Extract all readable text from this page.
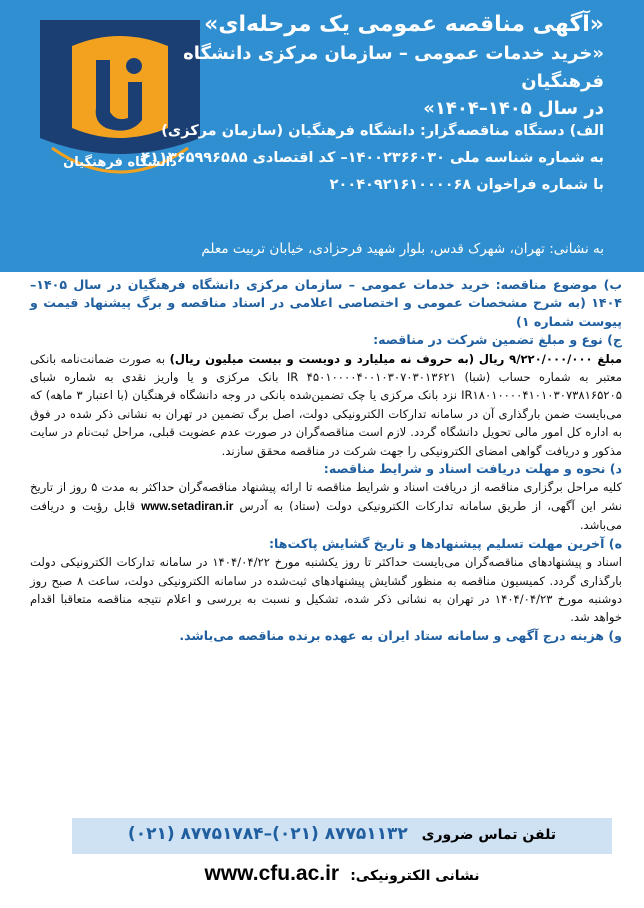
دانشگاه فرهنگیان
«آگهی مناقصه عمومی یک مرحله‌ای»
«خرید خدمات عمومی – سازمان مرکزی دانشگاه فرهنگیان
در سال ۱۴۰۵–۱۴۰۴»
الف) دستگاه مناقصه‌گزار: دانشگاه فرهنگیان (سازمان مرکزی)
به شماره شناسه ملی ۱۴۰۰۲۳۶۶۰۳۰– کد اقتصادی ۴۱۱۳۶۵۹۹۶۵۸۵
با شماره فراخوان ۲۰۰۴۰۹۲۱۶۱۰۰۰۰۶۸
به نشانی: تهران، شهرک قدس، بلوار شهید فرحزادی، خیابان تربیت معلم
ب) موضوع مناقصه: خرید خدمات عمومی – سازمان مرکزی دانشگاه فرهنگیان در سال ۱۴۰۵–۱۴۰۴ (به شرح مشخصات عمومی و اختصاصی اعلامی در اسناد مناقصه و برگ پیشنهاد قیمت و پیوست شماره ۱)
ج) نوع و مبلغ تضمین شرکت در مناقصه:
مبلغ ۹/۲۲۰/۰۰۰/۰۰۰ ریال (به حروف نه میلیارد و دویست و بیست میلیون ریال) به صورت ضمانت‌نامه بانکی معتبر به شماره حساب (شبا) IR ۴۵۰۱۰۰۰۰۴۰۰۱۰۳۰۷۰۳۰۱۳۶۲۱ بانک مرکزی و یا واریز نقدی به شماره شبای IR۱۸۰۱۰۰۰۰۴۱۰۱۰۳۰۷۳۸۱۶۵۲۰۵ نزد بانک مرکزی یا چک تضمین‌شده بانکی در وجه دانشگاه فرهنگیان (با اعتبار ۳ ماهه) که می‌بایست ضمن بارگذاری آن در سامانه تدارکات الکترونیکی دولت، اصل برگ تضمین در تهران به نشانی ذکر شده در فوق به اداره کل امور مالی تحویل دانشگاه گردد. لازم است مناقصه‌گران در صورت عدم عضویت قبلی، مراحل ثبت‌نام در سایت مذکور و دریافت گواهی امضای الکترونیکی را جهت شرکت در مناقصه محقق سازند.
د) نحوه و مهلت دریافت اسناد و شرایط مناقصه:
کلیه مراحل برگزاری مناقصه از دریافت اسناد و شرایط مناقصه تا ارائه پیشنهاد مناقصه‌گران حداکثر به مدت ۵ روز از تاریخ نشر این آگهی، از طریق سامانه تدارکات الکترونیکی دولت (ستاد) به آدرس www.setadiran.ir قابل رؤیت و دریافت می‌باشد.
ه) آخرین مهلت تسلیم پیشنهادها و تاریخ گشایش پاکت‌ها:
اسناد و پیشنهادهای مناقصه‌گران می‌بایست حداکثر تا روز یکشنبه مورخ ۱۴۰۴/۰۴/۲۲ در سامانه تدارکات الکترونیکی دولت بارگذاری گردد. کمیسیون مناقصه به منظور گشایش پیشنهادهای ثبت‌شده در سامانه الکترونیکی دولت، ساعت ۸ صبح روز دوشنبه مورخ ۱۴۰۴/۰۴/۲۳ در تهران به نشانی ذکر شده، تشکیل و نسبت به بررسی و اعلام نتیجه مناقصه متعاقبا اقدام خواهد شد.
و) هزینه درج آگهی و سامانه ستاد ایران به عهده برنده مناقصه می‌باشد.
تلفن تماس ضروری ۸۷۷۵۱۱۳۲ (۰۲۱)–۸۷۷۵۱۷۸۴ (۰۲۱)
نشانی الکترونیکی: www.cfu.ac.ir
